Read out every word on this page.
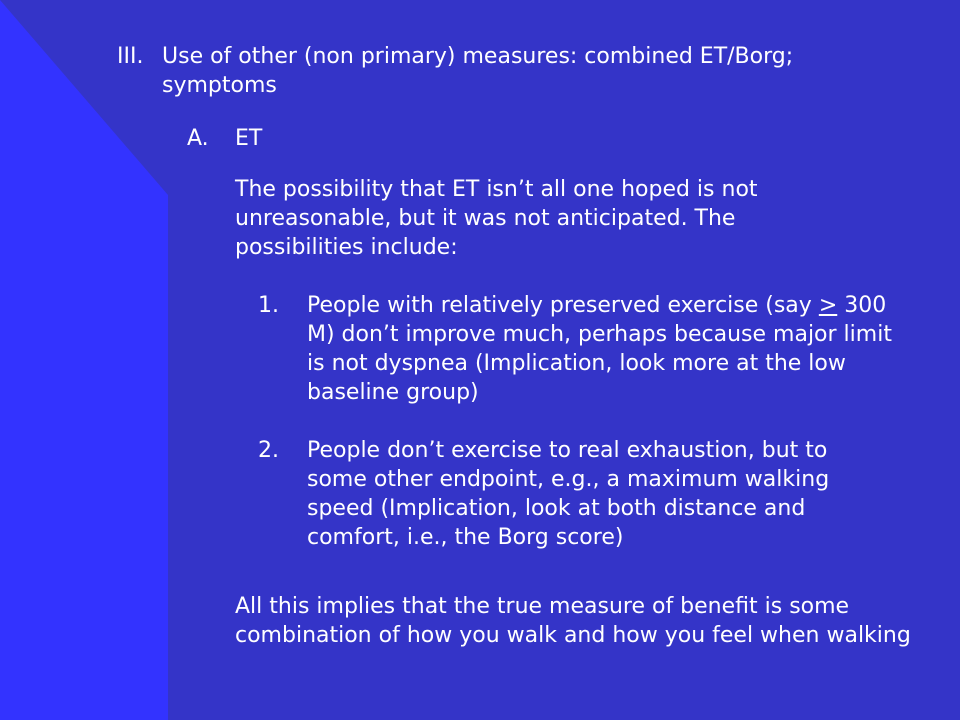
III. Use of other (non primary) measures: combined ET/Borg; symptoms

A. ET

The possibility that ET isn’t all one hoped is not unreasonable, but it was not anticipated. The possibilities include:

1. People with relatively preserved exercise (say > 300 M) don’t improve much, perhaps because major limit is not dyspnea (Implication, look more at the low baseline group)

2. People don’t exercise to real exhaustion, but to some other endpoint, e.g., a maximum walking speed (Implication, look at both distance and comfort, i.e., the Borg score)

All this implies that the true measure of benefit is some combination of how you walk and how you feel when walking
